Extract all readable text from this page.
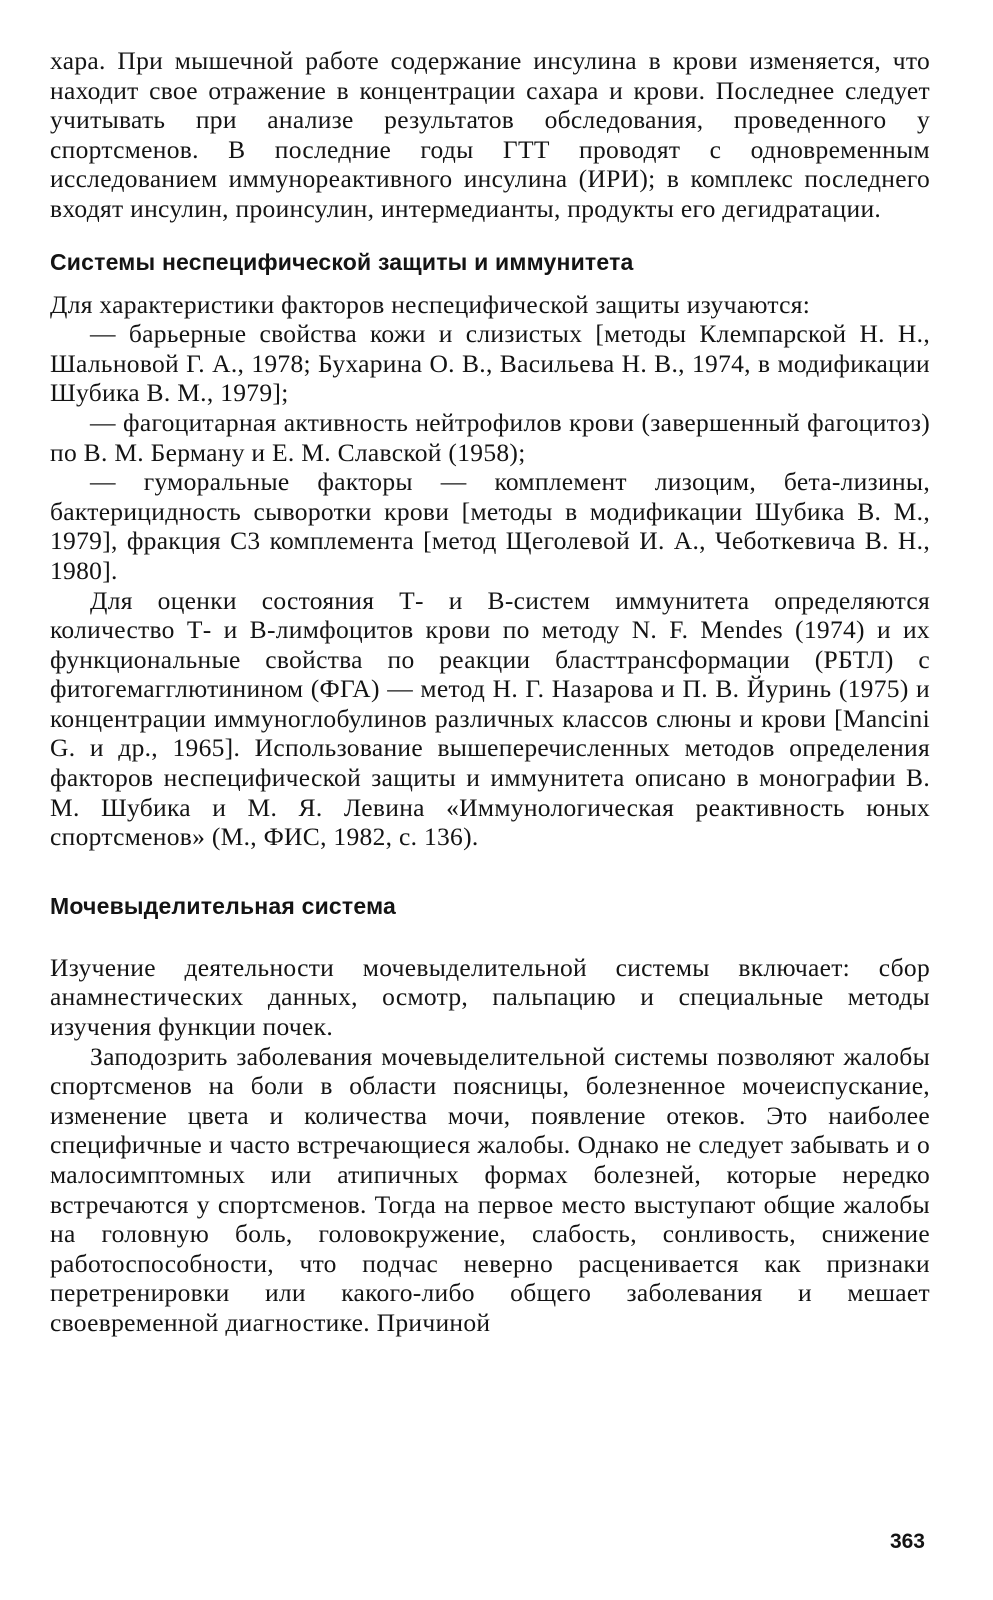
хара. При мышечной работе содержание инсулина в крови изменяется, что находит свое отражение в концентрации сахара и крови. Последнее следует учитывать при анализе результатов обследования, проведенного у спортсменов. В последние годы ГТТ проводят с одновременным исследованием иммунореактивного инсулина (ИРИ); в комплекс последнего входят инсулин, проинсулин, интермедианты, продукты его дегидратации.

Системы неспецифической защиты и иммунитета

Для характеристики факторов неспецифической защиты изучаются:

— барьерные свойства кожи и слизистых [методы Клемпарской Н. Н., Шальновой Г. А., 1978; Бухарина О. В., Васильева Н. В., 1974, в модификации Шубика В. М., 1979];

— фагоцитарная активность нейтрофилов крови (завершенный фагоцитоз) по В. М. Берману и Е. М. Славской (1958);

— гуморальные факторы — комплемент лизоцим, бета-лизины, бактерицидность сыворотки крови [методы в модификации Шубика В. М., 1979], фракция С3 комплемента [метод Щеголевой И. А., Чеботкевича В. Н., 1980].

Для оценки состояния Т- и В-систем иммунитета определяются количество Т- и В-лимфоцитов крови по методу N. F. Mendes (1974) и их функциональные свойства по реакции бласттрансформации (РБТЛ) с фитогемагглютинином (ФГА) — метод Н. Г. Назарова и П. В. Йуринь (1975) и концентрации иммуноглобулинов различных классов слюны и крови [Mancini G. и др., 1965]. Использование вышеперечисленных методов определения факторов неспецифической защиты и иммунитета описано в монографии В. М. Шубика и М. Я. Левина «Иммунологическая реактивность юных спортсменов» (М., ФИС, 1982, с. 136).

Мочевыделительная система

Изучение деятельности мочевыделительной системы включает: сбор анамнестических данных, осмотр, пальпацию и специальные методы изучения функции почек.

Заподозрить заболевания мочевыделительной системы позволяют жалобы спортсменов на боли в области поясницы, болезненное мочеиспускание, изменение цвета и количества мочи, появление отеков. Это наиболее специфичные и часто встречающиеся жалобы. Однако не следует забывать и о малосимптомных или атипичных формах болезней, которые нередко встречаются у спортсменов. Тогда на первое место выступают общие жалобы на головную боль, головокружение, слабость, сонливость, снижение работоспособности, что подчас неверно расценивается как признаки перетренировки или какого-либо общего заболевания и мешает своевременной диагностике. Причиной

363
